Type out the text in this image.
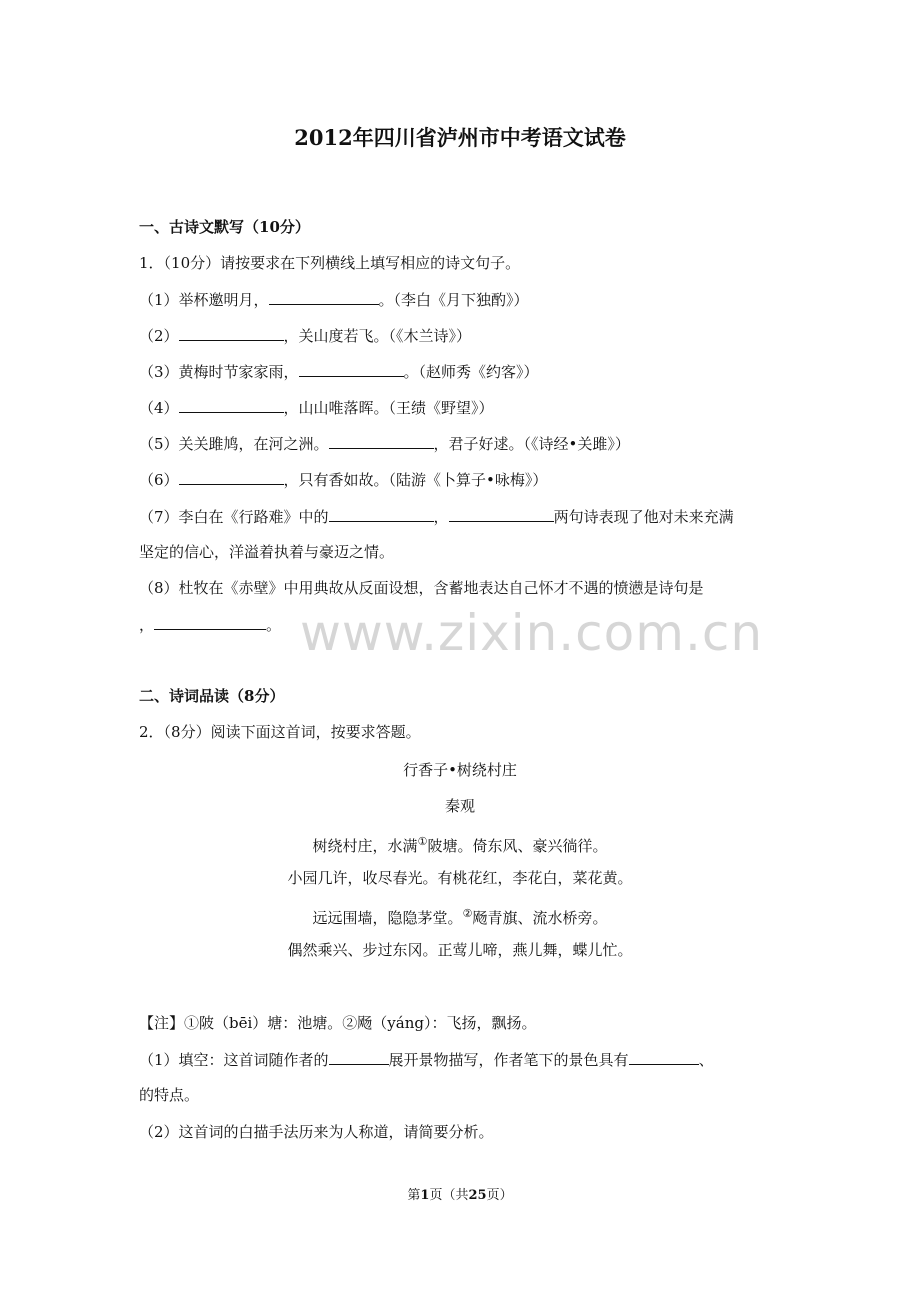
2012年四川省泸州市中考语文试卷
一、古诗文默写（10分）
1．（10分）请按要求在下列横线上填写相应的诗文句子。
（1）举杯邀明月，	。（李白《月下独酌》）
（2）	，关山度若飞。（《木兰诗》）
（3）黄梅时节家家雨，	。（赵师秀《约客》）
（4）	，山山唯落晖。（王绩《野望》）
（5）关关雎鸠，在河之洲。	，君子好逑。（《诗经•关雎》）
（6）	，只有香如故。（陆游《卜算子•咏梅》）
（7）李白在《行路难》中的	，	两句诗表现了他对未来充满
坚定的信心，洋溢着执着与豪迈之情。
（8）杜牧在《赤壁》中用典故从反面设想，含蓄地表达自己怀才不遇的愤懑是诗句是
，	。 www.zixin.com.cn
二、诗词品读（8分）
2．（8分）阅读下面这首词，按要求答题。
行香子•树绕村庄
秦观
树绕村庄，水满①陂塘。倚东风、豪兴徜徉。
小园几许，收尽春光。有桃花红，李花白，菜花黄。
远远围墙，隐隐茅堂。②飏青旗、流水桥旁。
偶然乘兴、步过东冈。正莺儿啼，燕儿舞，蝶儿忙。
【注】①陂（bēi）塘：池塘。②飏（yáng）：飞扬，飘扬。
（1）填空：这首词随作者的	展开景物描写，作者笔下的景色具有	、
的特点。
（2）这首词的白描手法历来为人称道，请简要分析。
第1页（共25页）
